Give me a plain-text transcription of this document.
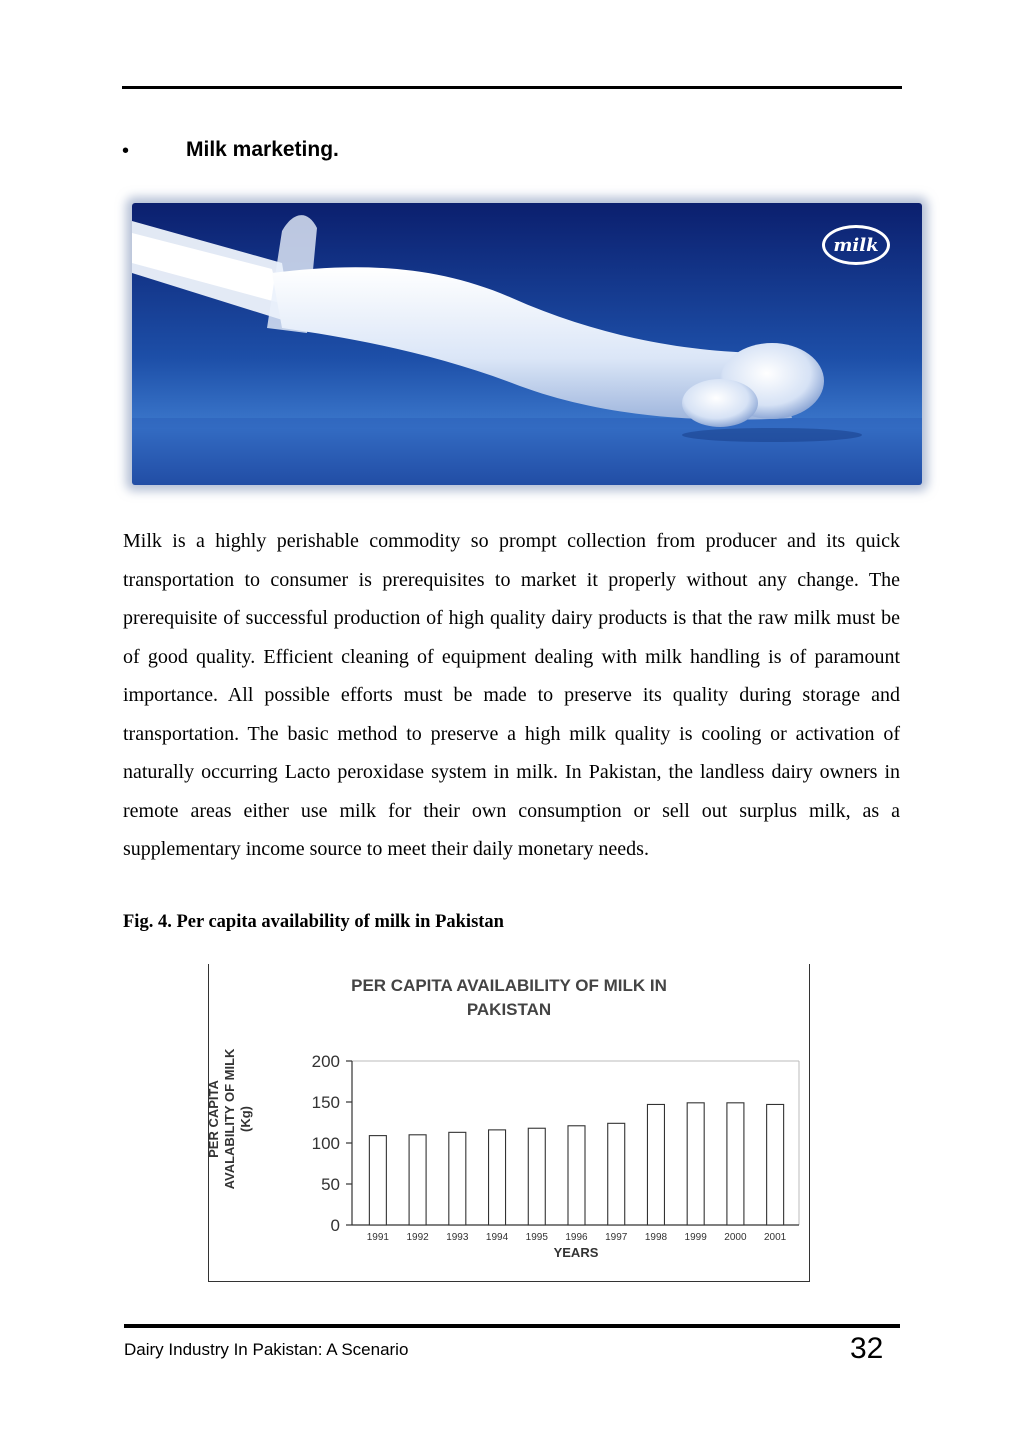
•	Milk marketing.
milk

Milk is a highly perishable commodity so prompt collection from producer and its quick transportation to consumer is prerequisites to market it properly without any change. The prerequisite of successful production of high quality dairy products is that the raw milk must be of good quality. Efficient cleaning of equipment dealing with milk handling is of paramount importance. All possible efforts must be made to preserve its quality during storage and transportation. The basic method to preserve a high milk quality is cooling or activation of naturally occurring Lacto peroxidase system in milk. In Pakistan, the landless dairy owners in remote areas either use milk for their own consumption or sell out surplus milk, as a supplementary income source to meet their daily monetary needs.

Fig. 4. Per capita availability of milk in Pakistan
PER CAPITA AVAILABILITY OF MILK IN
PAKISTAN
PER CAPITA AVALABILITY OF MILK (Kg)
0
50
100
150
200
1991 1992 1993 1994 1995 1996 1997 1998 1999 2000 2001
YEARS
Dairy Industry In Pakistan: A Scenario	32
